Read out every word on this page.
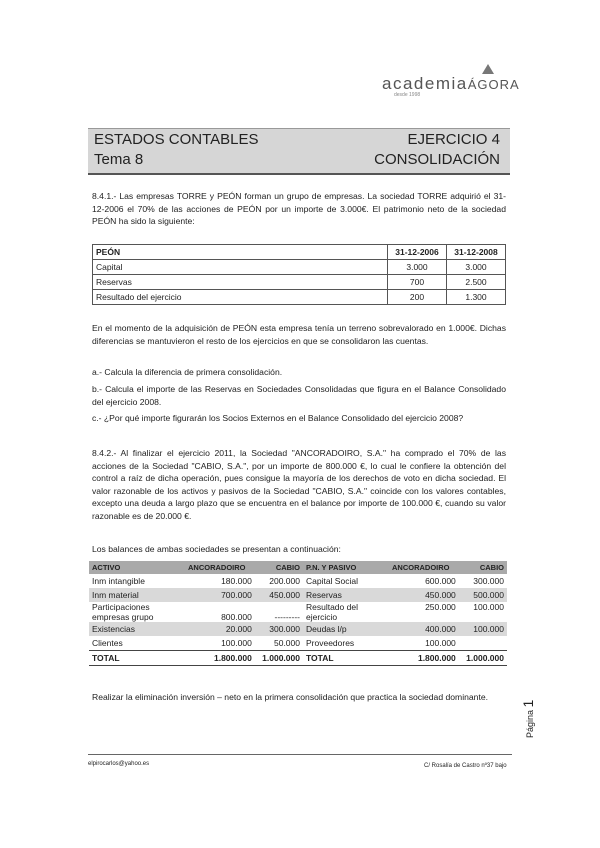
academiaÁGORA
desde 1998
ESTADOS CONTABLES
Tema 8
EJERCICIO 4
CONSOLIDACIÓN
8.4.1.- Las empresas TORRE y PEÓN forman un grupo de empresas. La sociedad TORRE adquirió el 31-12-2006 el 70% de las acciones de PEÓN por un importe de 3.000€. El patrimonio neto de la sociedad PEÓN ha sido la siguiente:
PEÓN	31-12-2006	31-12-2008
Capital	3.000	3.000
Reservas	700	2.500
Resultado del ejercicio	200	1.300
En el momento de la adquisición de PEÓN esta empresa tenía un terreno sobrevalorado en 1.000€. Dichas diferencias se mantuvieron el resto de los ejercicios en que se consolidaron las cuentas.
a.- Calcula la diferencia de primera consolidación.
b.- Calcula el importe de las Reservas en Sociedades Consolidadas que figura en el Balance Consolidado del ejercicio 2008.
c.- ¿Por qué importe figurarán los Socios Externos en el Balance Consolidado del ejercicio 2008?
8.4.2.- Al finalizar el ejercicio 2011, la Sociedad "ANCORADOIRO, S.A." ha comprado el 70% de las acciones de la Sociedad "CABIO, S.A.", por un importe de 800.000 €, lo cual le confiere la obtención del control a raíz de dicha operación, pues consigue la mayoría de los derechos de voto en dicha sociedad. El valor razonable de los activos y pasivos de la Sociedad "CABIO, S.A." coincide con los valores contables, excepto una deuda a largo plazo que se encuentra en el balance por importe de 100.000 €, cuando su valor razonable es de 20.000 €.
Los balances de ambas sociedades se presentan a continuación:
ACTIVO	ANCORADOIRO	CABIO	P.N. Y PASIVO	ANCORADOIRO	CABIO
Inm intangible	180.000	200.000	Capital Social	600.000	300.000
Inm material	700.000	450.000	Reservas	450.000	500.000
Participaciones empresas grupo	800.000	---------	Resultado del ejercicio	250.000	100.000
Existencias	20.000	300.000	Deudas l/p	400.000	100.000
Clientes	100.000	50.000	Proveedores	100.000	
TOTAL	1.800.000	1.000.000	TOTAL	1.800.000	1.000.000
Realizar la eliminación inversión – neto en la primera consolidación que practica la sociedad dominante.
elpirocarlos@yahoo.es	C/ Rosalía de Castro nº37 bajo
Página 1
